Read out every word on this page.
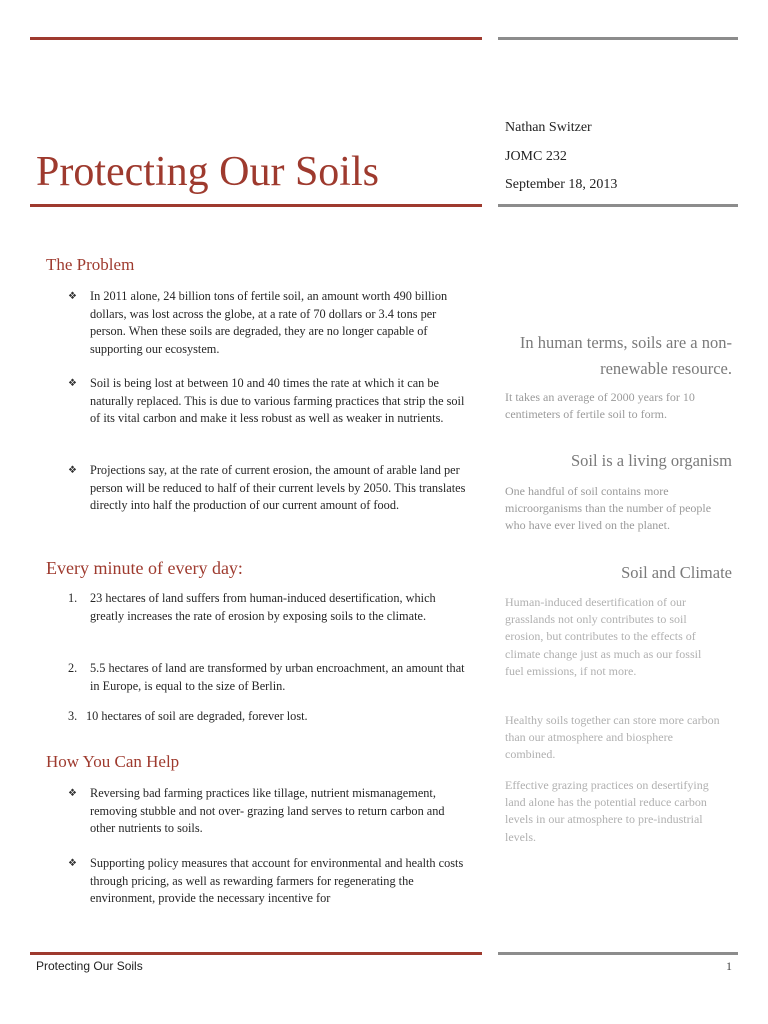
Protecting Our Soils
Nathan Switzer
JOMC 232
September 18, 2013
The Problem
❖ In 2011 alone, 24 billion tons of fertile soil, an amount worth 490 billion dollars, was lost across the globe, at a rate of 70 dollars or 3.4 tons per person. When these soils are degraded, they are no longer capable of supporting our ecosystem.
❖ Soil is being lost at between 10 and 40 times the rate at which it can be naturally replaced. This is due to various farming practices that strip the soil of its vital carbon and make it less robust as well as weaker in nutrients.
❖ Projections say, at the rate of current erosion, the amount of arable land per person will be reduced to half of their current levels by 2050. This translates directly into half the production of our current amount of food.
Every minute of every day:
1. 23 hectares of land suffers from human-induced desertification, which greatly increases the rate of erosion by exposing soils to the climate.
2. 5.5 hectares of land are transformed by urban encroachment, an amount that in Europe, is equal to the size of Berlin.
3. 10 hectares of soil are degraded, forever lost.
How You Can Help
❖ Reversing bad farming practices like tillage, nutrient mismanagement, removing stubble and not over- grazing land serves to return carbon and other nutrients to soils.
❖ Supporting policy measures that account for environmental and health costs through pricing, as well as rewarding farmers for regenerating the environment, provide the necessary incentive for
In human terms, soils are a non-renewable resource.
It takes an average of 2000 years for 10 centimeters of fertile soil to form.
Soil is a living organism
One handful of soil contains more microorganisms than the number of people who have ever lived on the planet.
Soil and Climate
Human-induced desertification of our grasslands not only contributes to soil erosion, but contributes to the effects of climate change just as much as our fossil fuel emissions, if not more.
Healthy soils together can store more carbon than our atmosphere and biosphere combined.
Effective grazing practices on desertifying land alone has the potential reduce carbon levels in our atmosphere to pre-industrial levels.
Protecting Our Soils	1
